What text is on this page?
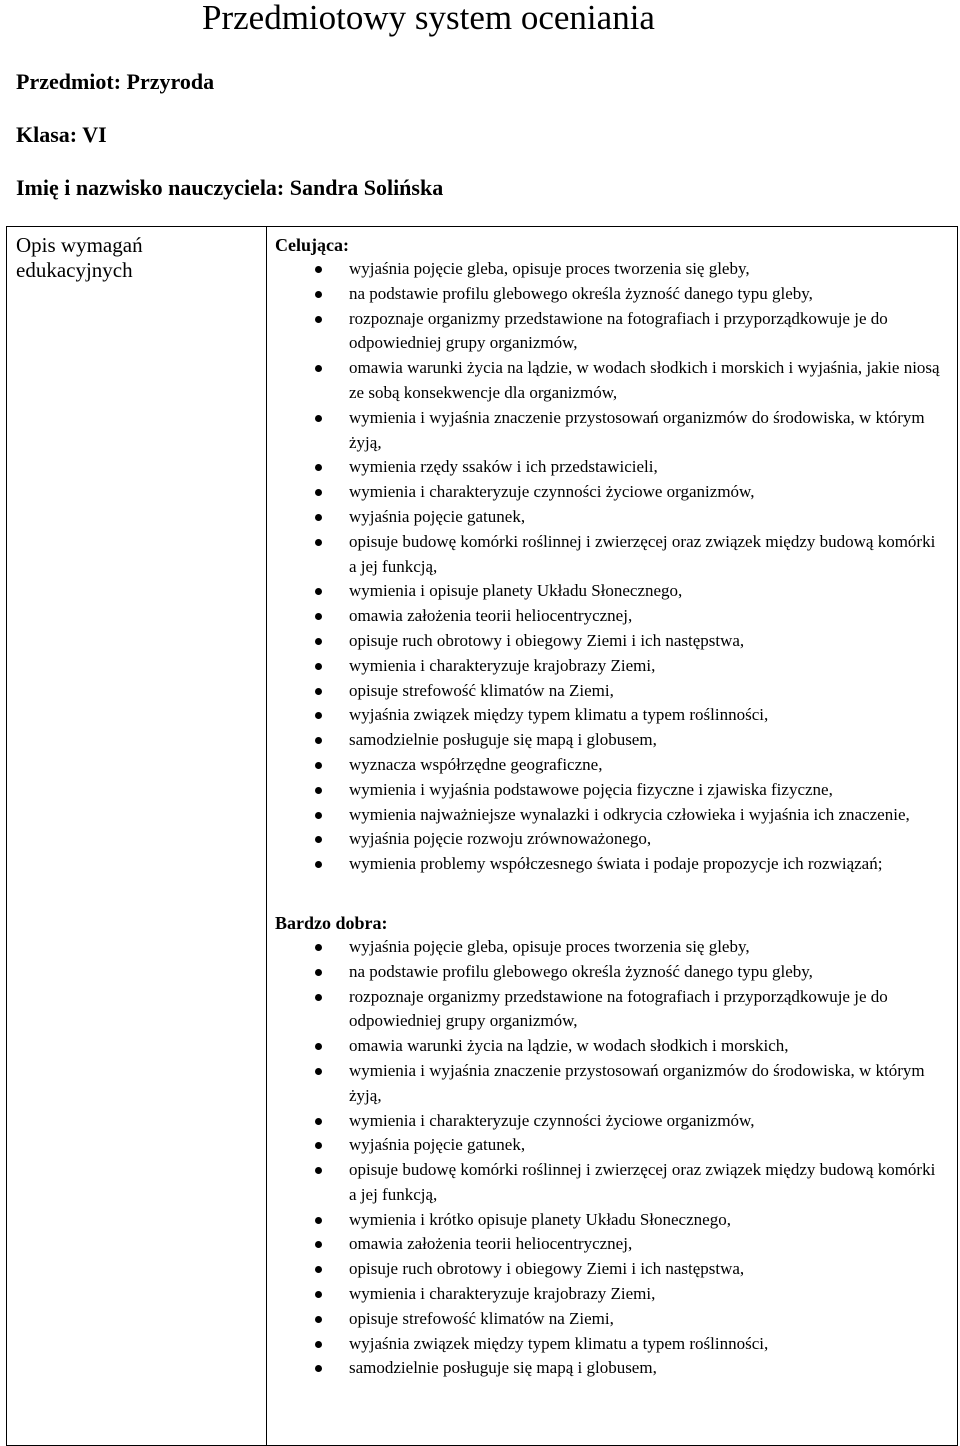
Przedmiotowy system oceniania

Przedmiot: Przyroda

Klasa: VI

Imię i nazwisko nauczyciela: Sandra Solińska

Opis wymagań
edukacyjnych

Celująca:

wyjaśnia pojęcie gleba, opisuje proces tworzenia się gleby,
na podstawie profilu glebowego określa żyzność danego typu gleby,
rozpoznaje organizmy przedstawione na fotografiach i przyporządkowuje je do odpowiedniej grupy organizmów,
omawia warunki życia na lądzie, w wodach słodkich i morskich i wyjaśnia, jakie niosą ze sobą konsekwencje dla organizmów,
wymienia i wyjaśnia znaczenie przystosowań organizmów do środowiska, w którym żyją,
wymienia rzędy ssaków i ich przedstawicieli,
wymienia i charakteryzuje czynności życiowe organizmów,
wyjaśnia pojęcie gatunek,
opisuje budowę komórki roślinnej i zwierzęcej oraz związek między budową komórki a jej funkcją,
wymienia i opisuje planety Układu Słonecznego,
omawia założenia teorii heliocentrycznej,
opisuje ruch obrotowy i obiegowy Ziemi i ich następstwa,
wymienia i charakteryzuje krajobrazy Ziemi,
opisuje strefowość klimatów na Ziemi,
wyjaśnia związek między typem klimatu a typem roślinności,
samodzielnie posługuje się mapą i globusem,
wyznacza współrzędne geograficzne,
wymienia i wyjaśnia podstawowe pojęcia fizyczne i zjawiska fizyczne,
wymienia najważniejsze wynalazki i odkrycia człowieka i wyjaśnia ich znaczenie,
wyjaśnia pojęcie rozwoju zrównoważonego,
wymienia problemy współczesnego świata i podaje propozycje ich rozwiązań;

Bardzo dobra:

wyjaśnia pojęcie gleba, opisuje proces tworzenia się gleby,
na podstawie profilu glebowego określa żyzność danego typu gleby,
rozpoznaje organizmy przedstawione na fotografiach i przyporządkowuje je do odpowiedniej grupy organizmów,
omawia warunki życia na lądzie, w wodach słodkich i morskich,
wymienia i wyjaśnia znaczenie przystosowań organizmów do środowiska, w którym żyją,
wymienia i charakteryzuje czynności życiowe organizmów,
wyjaśnia pojęcie gatunek,
opisuje budowę komórki roślinnej i zwierzęcej oraz związek między budową komórki a jej funkcją,
wymienia i krótko opisuje planety Układu Słonecznego,
omawia założenia teorii heliocentrycznej,
opisuje ruch obrotowy i obiegowy Ziemi i ich następstwa,
wymienia i charakteryzuje krajobrazy Ziemi,
opisuje strefowość klimatów na Ziemi,
wyjaśnia związek między typem klimatu a typem roślinności,
samodzielnie posługuje się mapą i globusem,
